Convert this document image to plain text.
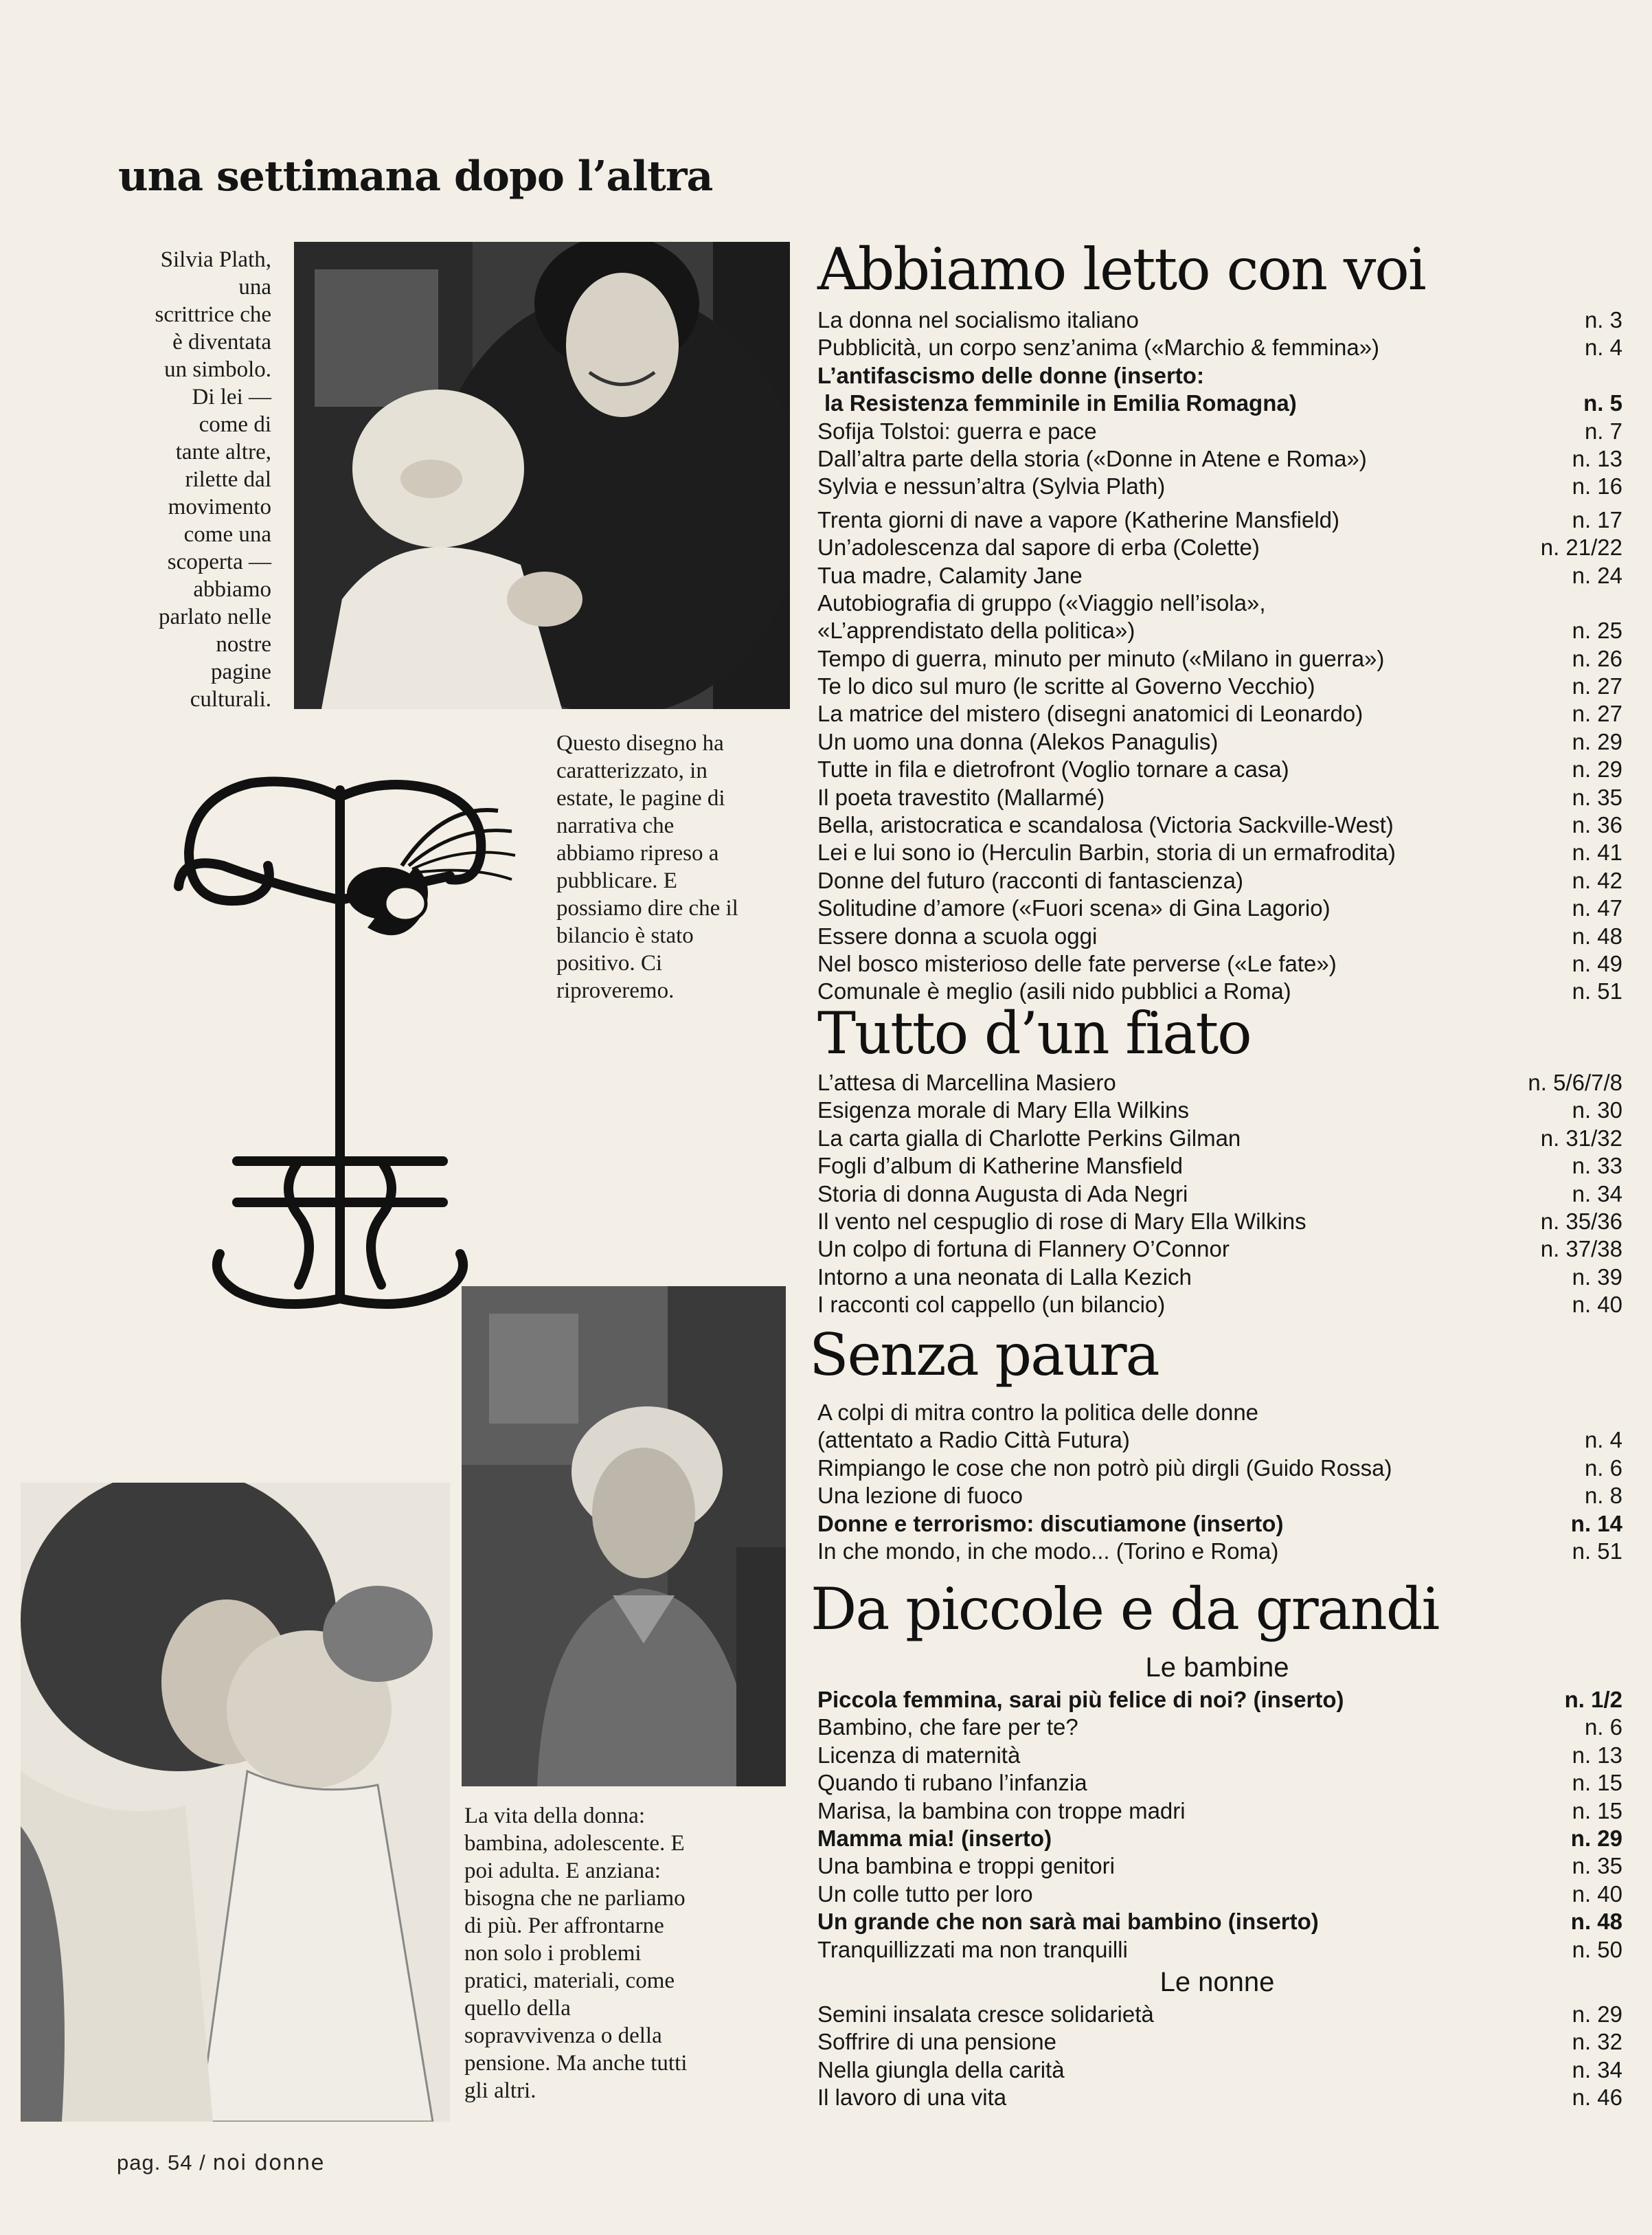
una settimana dopo l’altra
Silvia Plath,
una
scrittrice che
è diventata
un simbolo.
Di lei —
come di
tante altre,
rilette dal
movimento
come una
scoperta —
abbiamo
parlato nelle
nostre
pagine
culturali.
Questo disegno ha
caratterizzato, in
estate, le pagine di
narrativa che
abbiamo ripreso a
pubblicare. E
possiamo dire che il
bilancio è stato
positivo. Ci
riproveremo.
La vita della donna:
bambina, adolescente. E
poi adulta. E anziana:
bisogna che ne parliamo
di più. Per affrontarne
non solo i problemi
pratici, materiali, come
quello della
sopravvivenza o della
pensione. Ma anche tutti
gli altri.
Abbiamo letto con voi
La donna nel socialismo italiano	n. 3
Pubblicità, un corpo senz’anima («Marchio & femmina»)	n. 4
L’antifascismo delle donne (inserto:
la Resistenza femminile in Emilia Romagna)	n. 5
Sofija Tolstoi: guerra e pace	n. 7
Dall’altra parte della storia («Donne in Atene e Roma»)	n. 13
Sylvia e nessun’altra (Sylvia Plath)	n. 16
Trenta giorni di nave a vapore (Katherine Mansfield)	n. 17
Un’adolescenza dal sapore di erba (Colette)	n. 21/22
Tua madre, Calamity Jane	n. 24
Autobiografia di gruppo («Viaggio nell’isola»,
«L’apprendistato della politica»)	n. 25
Tempo di guerra, minuto per minuto («Milano in guerra»)	n. 26
Te lo dico sul muro (le scritte al Governo Vecchio)	n. 27
La matrice del mistero (disegni anatomici di Leonardo)	n. 27
Un uomo una donna (Alekos Panagulis)	n. 29
Tutte in fila e dietrofront (Voglio tornare a casa)	n. 29
Il poeta travestito (Mallarmé)	n. 35
Bella, aristocratica e scandalosa (Victoria Sackville-West)	n. 36
Lei e lui sono io (Herculin Barbin, storia di un ermafrodita)	n. 41
Donne del futuro (racconti di fantascienza)	n. 42
Solitudine d’amore («Fuori scena» di Gina Lagorio)	n. 47
Essere donna a scuola oggi	n. 48
Nel bosco misterioso delle fate perverse («Le fate»)	n. 49
Comunale è meglio (asili nido pubblici a Roma)	n. 51
Tutto d’un fiato
L’attesa di Marcellina Masiero	n. 5/6/7/8
Esigenza morale di Mary Ella Wilkins	n. 30
La carta gialla di Charlotte Perkins Gilman	n. 31/32
Fogli d’album di Katherine Mansfield	n. 33
Storia di donna Augusta di Ada Negri	n. 34
Il vento nel cespuglio di rose di Mary Ella Wilkins	n. 35/36
Un colpo di fortuna di Flannery O’Connor	n. 37/38
Intorno a una neonata di Lalla Kezich	n. 39
I racconti col cappello (un bilancio)	n. 40
Senza paura
A colpi di mitra contro la politica delle donne
(attentato a Radio Città Futura)	n. 4
Rimpiango le cose che non potrò più dirgli (Guido Rossa)	n. 6
Una lezione di fuoco	n. 8
Donne e terrorismo: discutiamone (inserto)	n. 14
In che mondo, in che modo... (Torino e Roma)	n. 51
Da piccole e da grandi
Le bambine
Piccola femmina, sarai più felice di noi? (inserto)	n. 1/2
Bambino, che fare per te?	n. 6
Licenza di maternità	n. 13
Quando ti rubano l’infanzia	n. 15
Marisa, la bambina con troppe madri	n. 15
Mamma mia! (inserto)	n. 29
Una bambina e troppi genitori	n. 35
Un colle tutto per loro	n. 40
Un grande che non sarà mai bambino (inserto)	n. 48
Tranquillizzati ma non tranquilli	n. 50
Le nonne
Semini insalata cresce solidarietà	n. 29
Soffrire di una pensione	n. 32
Nella giungla della carità	n. 34
Il lavoro di una vita	n. 46
pag. 54 / noi donne
